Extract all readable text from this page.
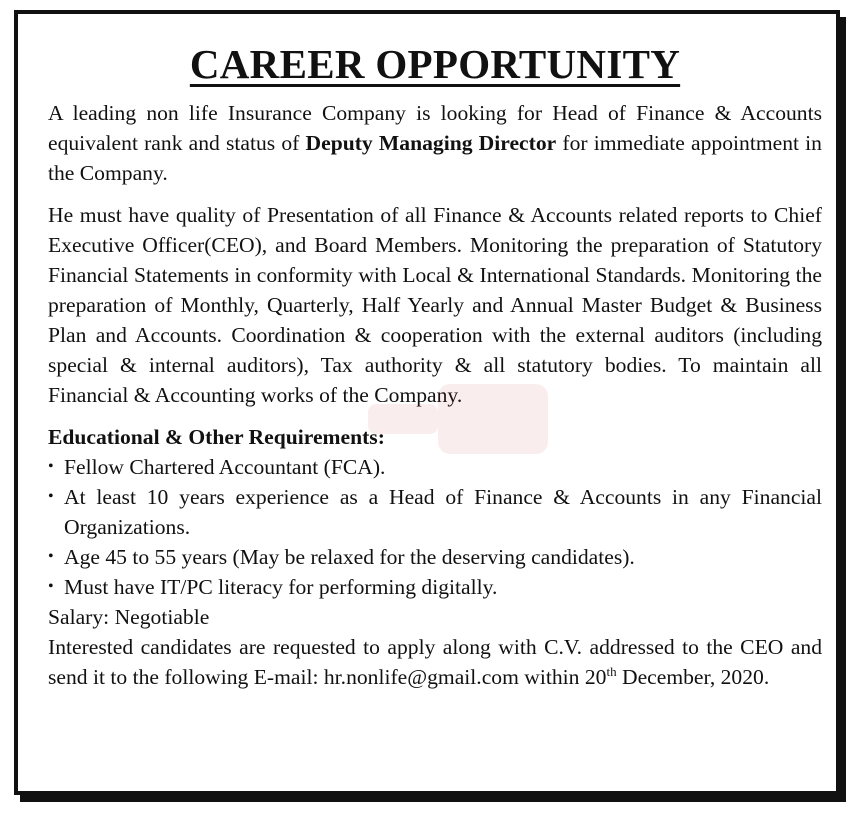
CAREER OPPORTUNITY

A leading non life Insurance Company is looking for Head of Finance & Accounts equivalent rank and status of Deputy Managing Director for immediate appointment in the Company.

He must have quality of Presentation of all Finance & Accounts related reports to Chief Executive Officer(CEO), and Board Members. Monitoring the preparation of Statutory Financial Statements in conformity with Local & International Standards. Monitoring the preparation of Monthly, Quarterly, Half Yearly and Annual Master Budget & Business Plan and Accounts. Coordination & cooperation with the external auditors (including special & internal auditors), Tax authority & all statutory bodies. To maintain all Financial & Accounting works of the Company.

Educational & Other Requirements:
• Fellow Chartered Accountant (FCA).
• At least 10 years experience as a Head of Finance & Accounts in any Financial Organizations.
• Age 45 to 55 years (May be relaxed for the deserving candidates).
• Must have IT/PC literacy for performing digitally.
Salary: Negotiable
Interested candidates are requested to apply along with C.V. addressed to the CEO and send it to the following E-mail: hr.nonlife@gmail.com within 20th December, 2020.
